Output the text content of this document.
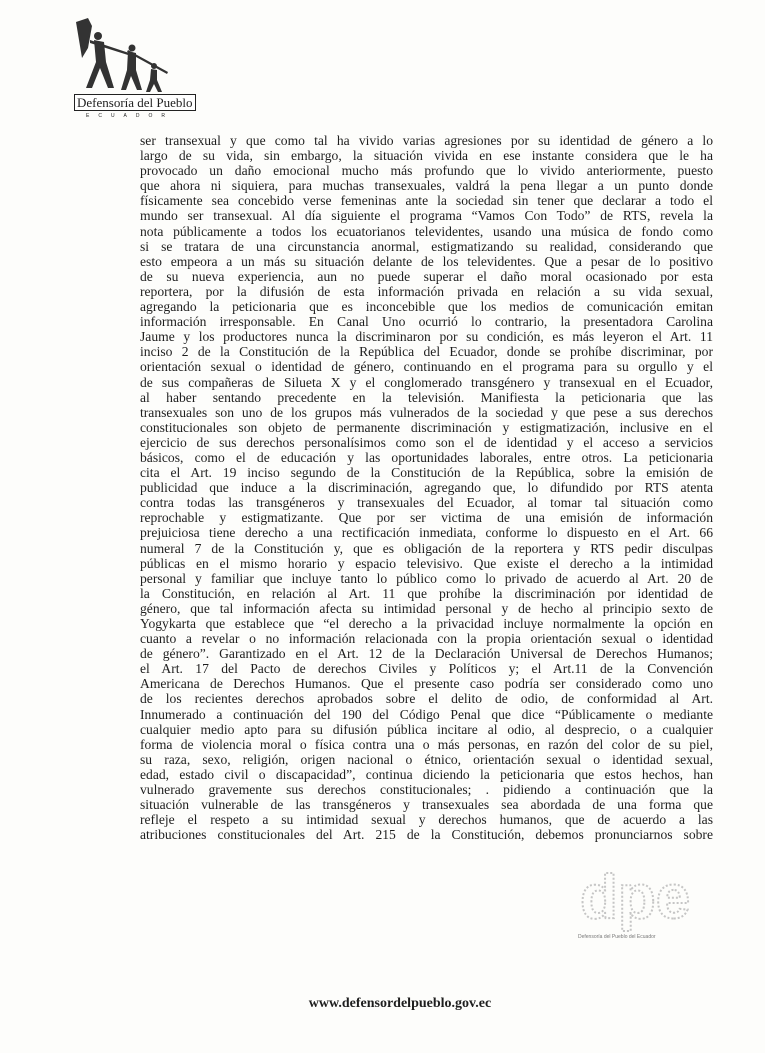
Defensoría del Pueblo
ECUADOR
ser transexual y que como tal ha vivido varias agresiones por su identidad de género a lo
largo de su vida, sin embargo, la situación vivida en ese instante considera que le ha
provocado un daño emocional mucho más profundo que lo vivido anteriormente, puesto
que ahora ni siquiera, para muchas transexuales, valdrá la pena llegar a un punto donde
físicamente sea concebido verse femeninas ante la sociedad sin tener que declarar a todo el
mundo ser transexual. Al día siguiente el programa “Vamos Con Todo” de RTS, revela la
nota públicamente a todos los ecuatorianos televidentes, usando una música de fondo como
si se tratara de una circunstancia anormal, estigmatizando su realidad, considerando que
esto empeora a un más su situación delante de los televidentes. Que a pesar de lo positivo
de su nueva experiencia, aun no puede superar el daño moral ocasionado por esta
reportera, por la difusión de esta información privada en relación a su vida sexual,
agregando la peticionaria que es inconcebible que los medios de comunicación emitan
información irresponsable. En Canal Uno ocurrió lo contrario, la presentadora Carolina
Jaume y los productores nunca la discriminaron por su condición, es más leyeron el Art. 11
inciso 2 de la Constitución de la República del Ecuador, donde se prohíbe discriminar, por
orientación sexual o identidad de género, continuando en el programa para su orgullo y el
de sus compañeras de Silueta X y el conglomerado transgénero y transexual en el Ecuador,
al haber sentando precedente en la televisión. Manifiesta la peticionaria que las
transexuales son uno de los grupos más vulnerados de la sociedad y que pese a sus derechos
constitucionales son objeto de permanente discriminación y estigmatización, inclusive en el
ejercicio de sus derechos personalísimos como son el de identidad y el acceso a servicios
básicos, como el de educación y las oportunidades laborales, entre otros. La peticionaria
cita el Art. 19 inciso segundo de la Constitución de la República, sobre la emisión de
publicidad que induce a la discriminación, agregando que, lo difundido por RTS atenta
contra todas las transgéneros y transexuales del Ecuador, al tomar tal situación como
reprochable y estigmatizante. Que por ser victima de una emisión de información
prejuiciosa tiene derecho a una rectificación inmediata, conforme lo dispuesto en el Art. 66
numeral 7 de la Constitución y, que es obligación de la reportera y RTS pedir disculpas
públicas en el mismo horario y espacio televisivo. Que existe el derecho a la intimidad
personal y familiar que incluye tanto lo público como lo privado de acuerdo al Art. 20 de
la Constitución, en relación al Art. 11 que prohíbe la discriminación por identidad de
género, que tal información afecta su intimidad personal y de hecho al principio sexto de
Yogykarta que establece que “el derecho a la privacidad incluye normalmente la opción en
cuanto a revelar o no información relacionada con la propia orientación sexual o identidad
de género”. Garantizado en el Art. 12 de la Declaración Universal de Derechos Humanos;
el Art. 17 del Pacto de derechos Civiles y Políticos y; el Art.11 de la Convención
Americana de Derechos Humanos. Que el presente caso podría ser considerado como uno
de los recientes derechos aprobados sobre el delito de odio, de conformidad al Art.
Innumerado a continuación del 190 del Código Penal que dice “Públicamente o mediante
cualquier medio apto para su difusión pública incitare al odio, al desprecio, o a cualquier
forma de violencia moral o física contra una o más personas, en razón del color de su piel,
su raza, sexo, religión, origen nacional o étnico, orientación sexual o identidad sexual,
edad, estado civil o discapacidad”, continua diciendo la peticionaria que estos hechos, han
vulnerado gravemente sus derechos constitucionales; . pidiendo a continuación que la
situación vulnerable de las transgéneros y transexuales sea abordada de una forma que
refleje el respeto a su intimidad sexual y derechos humanos, que de acuerdo a las
atribuciones constitucionales del Art. 215 de la Constitución, debemos pronunciarnos sobre
dpe
Defensoría del Pueblo del Ecuador
www.defensordelpueblo.gov.ec
